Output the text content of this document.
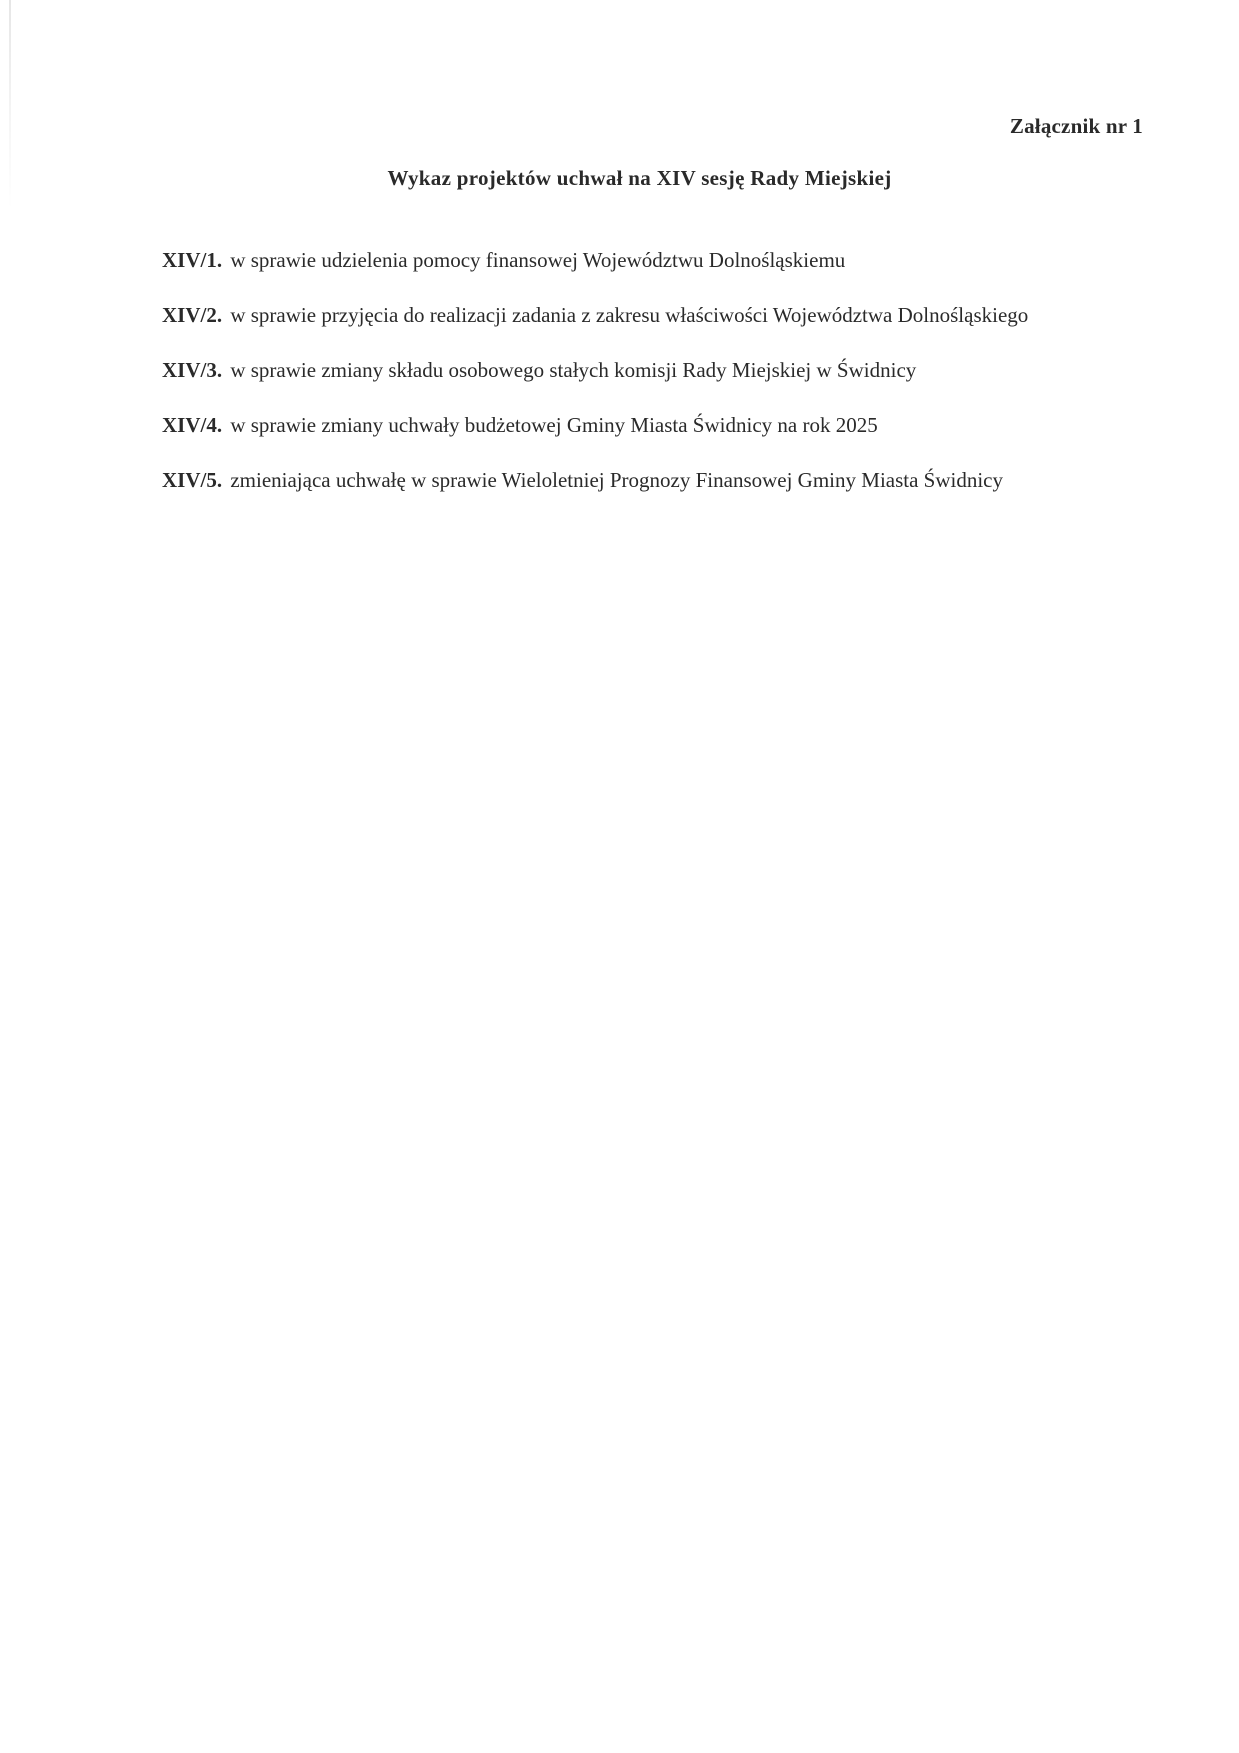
Załącznik nr 1
Wykaz projektów uchwał na XIV sesję Rady Miejskiej

XIV/1. w sprawie udzielenia pomocy finansowej Województwu Dolnośląskiemu

XIV/2. w sprawie przyjęcia do realizacji zadania z zakresu właściwości Województwa Dolnośląskiego

XIV/3. w sprawie zmiany składu osobowego stałych komisji Rady Miejskiej w Świdnicy

XIV/4. w sprawie zmiany uchwały budżetowej Gminy Miasta Świdnicy na rok 2025

XIV/5. zmieniająca uchwałę w sprawie Wieloletniej Prognozy Finansowej Gminy Miasta Świdnicy
